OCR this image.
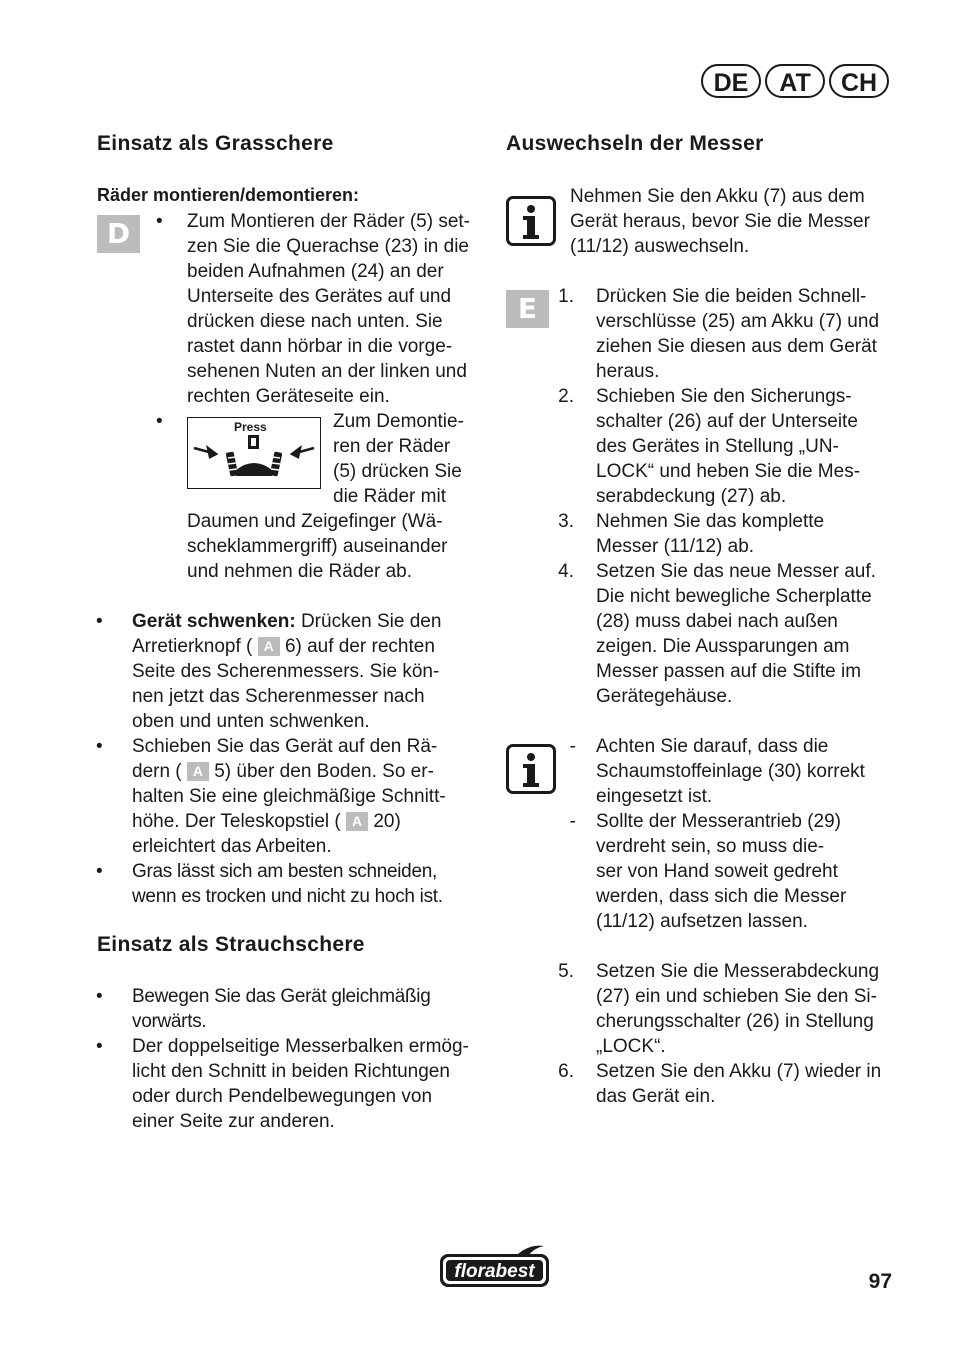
DE	AT	CH
Einsatz als Grasschere
Räder montieren/demontieren:
D	• Zum Montieren der Räder (5) set-
zen Sie die Querachse (23) in die
beiden Aufnahmen (24) an der
Unterseite des Gerätes auf und
drücken diese nach unten. Sie
rastet dann hörbar in die vorge-
sehenen Nuten an der linken und
rechten Geräteseite ein.
•	Press	Zum Demontie-
ren der Räder
(5) drücken Sie
die Räder mit
Daumen und Zeigefinger (Wä-
scheklammergriff) auseinander
und nehmen die Räder ab.
• Gerät schwenken: Drücken Sie den
Arretierknopf ( A 6) auf der rechten
Seite des Scherenmessers. Sie kön-
nen jetzt das Scherenmesser nach
oben und unten schwenken.
• Schieben Sie das Gerät auf den Rä-
dern ( A 5) über den Boden. So er-
halten Sie eine gleichmäßige Schnitt-
höhe. Der Teleskopstiel ( A 20)
erleichtert das Arbeiten.
• Gras lässt sich am besten schneiden,
wenn es trocken und nicht zu hoch ist.
Einsatz als Strauchschere
• Bewegen Sie das Gerät gleichmäßig
vorwärts.
• Der doppelseitige Messerbalken ermög-
licht den Schnitt in beiden Richtungen
oder durch Pendelbewegungen von
einer Seite zur anderen.
Auswechseln der Messer
Nehmen Sie den Akku (7) aus dem
Gerät heraus, bevor Sie die Messer
(11/12) auswechseln.
E	1. Drücken Sie die beiden Schnell-
verschlüsse (25) am Akku (7) und
ziehen Sie diesen aus dem Gerät
heraus.
2. Schieben Sie den Sicherungs-
schalter (26) auf der Unterseite
des Gerätes in Stellung „UN-
LOCK“ und heben Sie die Mes-
serabdeckung (27) ab.
3. Nehmen Sie das komplette
Messer (11/12) ab.
4. Setzen Sie das neue Messer auf.
Die nicht bewegliche Scherplatte
(28) muss dabei nach außen
zeigen. Die Aussparungen am
Messer passen auf die Stifte im
Gerätegehäuse.
- Achten Sie darauf, dass die
Schaumstoffeinlage (30) korrekt
eingesetzt ist.
- Sollte der Messerantrieb (29)
verdreht sein, so muss die-
ser von Hand soweit gedreht
werden, dass sich die Messer
(11/12) aufsetzen lassen.
5. Setzen Sie die Messerabdeckung
(27) ein und schieben Sie den Si-
cherungsschalter (26) in Stellung
„LOCK“.
6. Setzen Sie den Akku (7) wieder in
das Gerät ein.
florabest	97
